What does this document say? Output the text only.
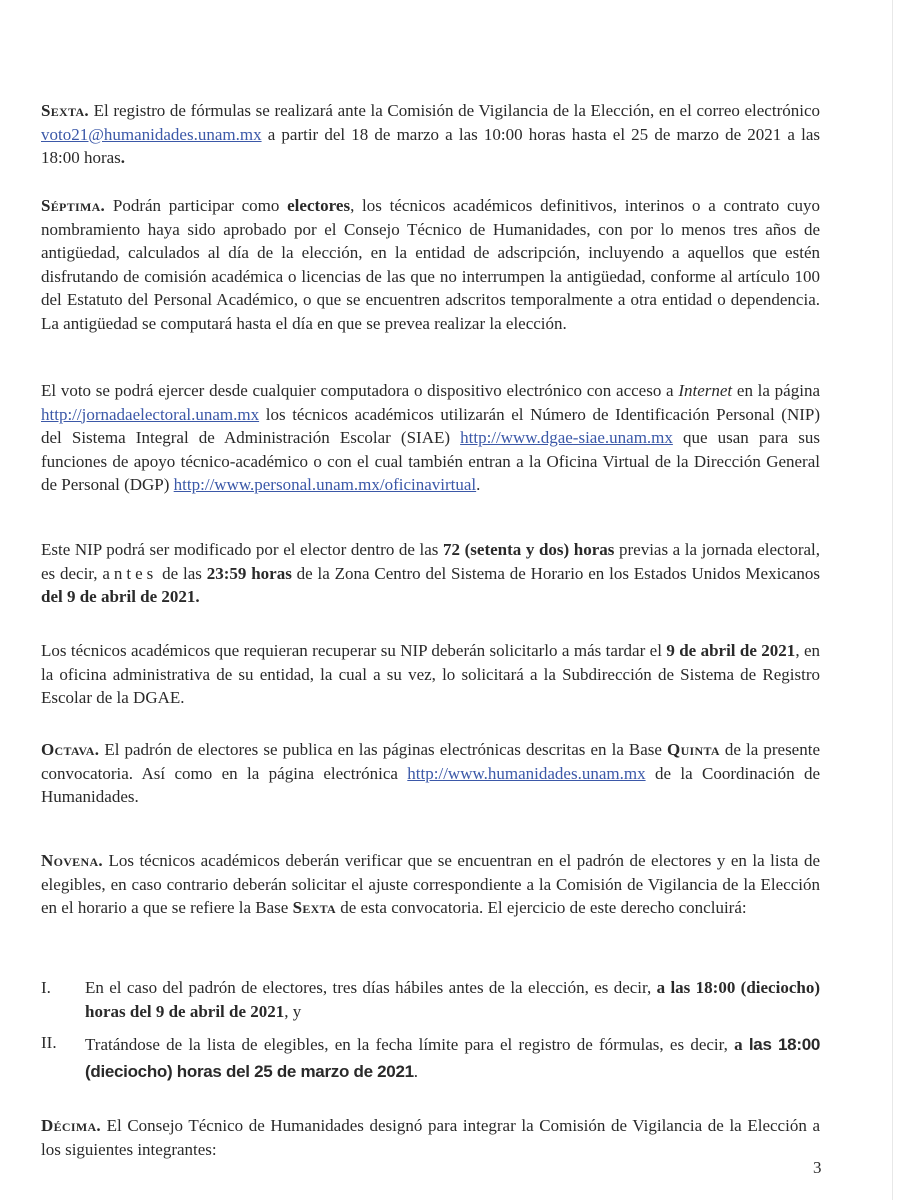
Sexta. El registro de fórmulas se realizará ante la Comisión de Vigilancia de la Elección, en el correo electrónico voto21@humanidades.unam.mx a partir del 18 de marzo a las 10:00 horas hasta el 25 de marzo de 2021 a las 18:00 horas.

Séptima. Podrán participar como electores, los técnicos académicos definitivos, interinos o a contrato cuyo nombramiento haya sido aprobado por el Consejo Técnico de Humanidades, con por lo menos tres años de antigüedad, calculados al día de la elección, en la entidad de adscripción, incluyendo a aquellos que estén disfrutando de comisión académica o licencias de las que no interrumpen la antigüedad, conforme al artículo 100 del Estatuto del Personal Académico, o que se encuentren adscritos temporalmente a otra entidad o dependencia. La antigüedad se computará hasta el día en que se prevea realizar la elección.

El voto se podrá ejercer desde cualquier computadora o dispositivo electrónico con acceso a Internet en la página http://jornadaelectoral.unam.mx los técnicos académicos utilizarán el Número de Identificación Personal (NIP) del Sistema Integral de Administración Escolar (SIAE) http://www.dgae-siae.unam.mx que usan para sus funciones de apoyo técnico-académico o con el cual también entran a la Oficina Virtual de la Dirección General de Personal (DGP) http://www.personal.unam.mx/oficinavirtual.

Este NIP podrá ser modificado por el elector dentro de las 72 (setenta y dos) horas previas a la jornada electoral, es decir, antes de las 23:59 horas de la Zona Centro del Sistema de Horario en los Estados Unidos Mexicanos del 9 de abril de 2021.

Los técnicos académicos que requieran recuperar su NIP deberán solicitarlo a más tardar el 9 de abril de 2021, en la oficina administrativa de su entidad, la cual a su vez, lo solicitará a la Subdirección de Sistema de Registro Escolar de la DGAE.

Octava. El padrón de electores se publica en las páginas electrónicas descritas en la Base Quinta de la presente convocatoria. Así como en la página electrónica http://www.humanidades.unam.mx de la Coordinación de Humanidades.

Novena. Los técnicos académicos deberán verificar que se encuentran en el padrón de electores y en la lista de elegibles, en caso contrario deberán solicitar el ajuste correspondiente a la Comisión de Vigilancia de la Elección en el horario a que se refiere la Base Sexta de esta convocatoria. El ejercicio de este derecho concluirá:

I.	En el caso del padrón de electores, tres días hábiles antes de la elección, es decir, a las 18:00 (dieciocho) horas del 9 de abril de 2021, y
II.	Tratándose de la lista de elegibles, en la fecha límite para el registro de fórmulas, es decir, a las 18:00 (dieciocho) horas del 25 de marzo de 2021.

Décima. El Consejo Técnico de Humanidades designó para integrar la Comisión de Vigilancia de la Elección a los siguientes integrantes:

3
